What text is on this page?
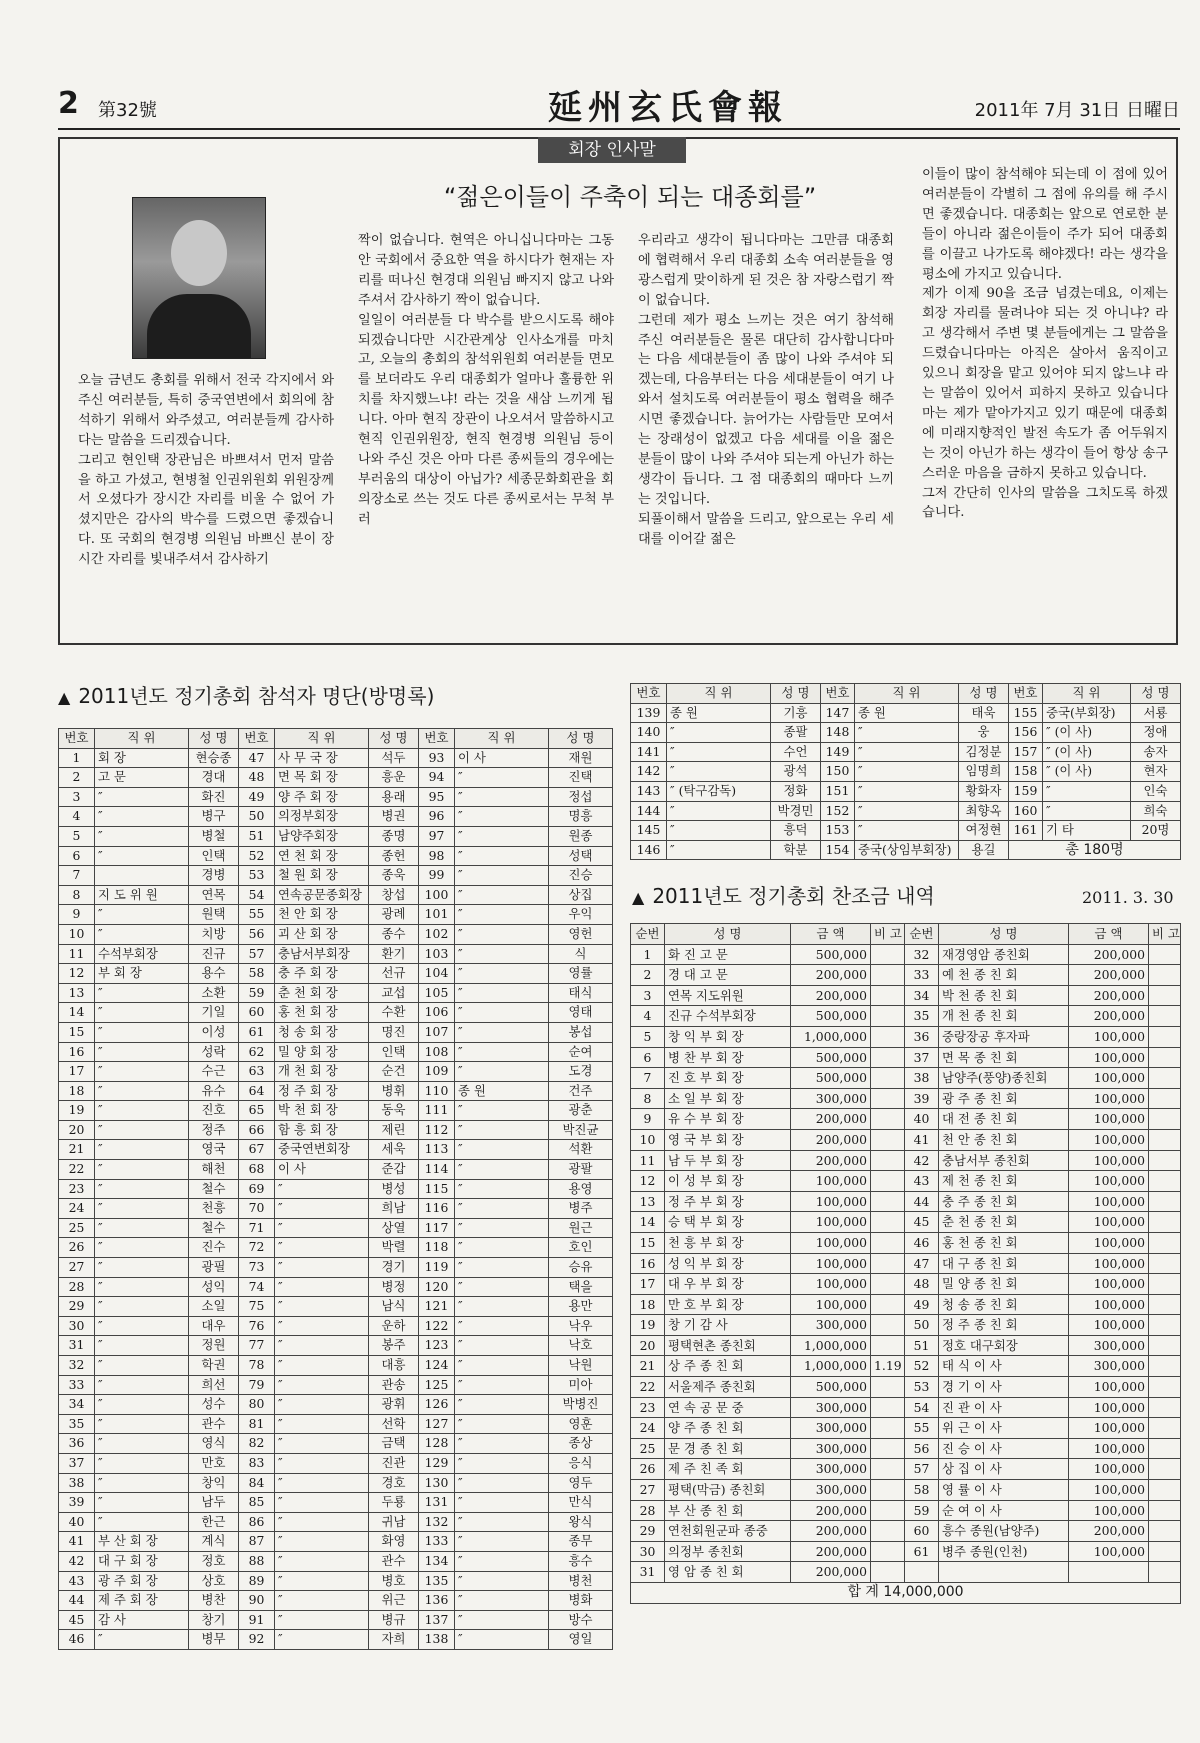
2 第32號	延州玄氏會報	2011年 7月 31日 日曜日
회장 인사말
“젊은이들이 주축이 되는 대종회를”
오늘 금년도 총회를 위해서 전국 각지에서 와주신 여러분들, 특히 중국연변에서 회의에 참석하기 위해서 와주셨고, 여러분들께 감사하다는 말씀을 드리겠습니다.
그리고 현인택 장관님은 바쁘셔서 먼저 말씀을 하고 가셨고, 현병철 인권위원회 위원장께서 오셨다가 장시간 자리를 비울 수 없어 가셨지만은 감사의 박수를 드렸으면 좋겠습니다. 또 국회의 현경병 의원님 바쁘신 분이 장시간 자리를 빛내주셔서 감사하기
짝이 없습니다. 현역은 아니십니다마는 그동안 국회에서 중요한 역을 하시다가 현재는 자리를 떠나신 현경대 의원님 빠지지 않고 나와 주셔서 감사하기 짝이 없습니다.
일일이 여러분들 다 박수를 받으시도록 해야 되겠습니다만 시간관계상 인사소개를 마치고, 오늘의 총회의 참석위원회 여러분들 면모를 보더라도 우리 대종회가 얼마나 훌륭한 위치를 차지했느냐! 라는 것을 새삼 느끼게 됩니다. 아마 현직 장관이 나오셔서 말씀하시고 현직 인권위원장, 현직 현경병 의원님 등이 나와 주신 것은 아마 다른 종씨들의 경우에는 부러움의 대상이 아닙가? 세종문화회관을 회의장소로 쓰는 것도 다른 종씨로서는 무척 부러
우리라고 생각이 됩니다마는 그만큼 대종회에 협력해서 우리 대종회 소속 여러분들을 영광스럽게 맞이하게 된 것은 참 자랑스럽기 짝이 없습니다.
그런데 제가 평소 느끼는 것은 여기 참석해 주신 여러분들은 물론 대단히 감사합니다마는 다음 세대분들이 좀 많이 나와 주셔야 되겠는데, 다음부터는 다음 세대분들이 여기 나와서 설치도록 여러분들이 평소 협력을 해주시면 좋겠습니다. 늙어가는 사람들만 모여서는 장래성이 없겠고 다음 세대를 이을 젊은 분들이 많이 나와 주셔야 되는게 아닌가 하는 생각이 듭니다. 그 점 대종회의 때마다 느끼는 것입니다.
되풀이해서 말씀을 드리고, 앞으로는 우리 세대를 이어갈 젊은
이들이 많이 참석해야 되는데 이 점에 있어 여러분들이 각별히 그 점에 유의를 해 주시면 좋겠습니다. 대종회는 앞으로 연로한 분들이 아니라 젊은이들이 주가 되어 대종회를 이끌고 나가도록 해야겠다! 라는 생각을 평소에 가지고 있습니다.
제가 이제 90을 조금 넘겼는데요, 이제는 회장 자리를 물려나야 되는 것 아니냐? 라고 생각해서 주변 몇 분들에게는 그 말씀을 드렸습니다마는 아직은 살아서 움직이고 있으니 회장을 맡고 있어야 되지 않느냐 라는 말씀이 있어서 피하지 못하고 있습니다마는 제가 맡아가지고 있기 때문에 대종회에 미래지향적인 발전 속도가 좀 어두워지는 것이 아닌가 하는 생각이 들어 항상 송구스러운 마음을 금하지 못하고 있습니다.
그저 간단히 인사의 말씀을 그치도록 하겠습니다.
▲ 2011년도 정기총회 참석자 명단(방명록)
번호	직 위	성 명	번호	직 위	성 명	번호	직 위	성 명
1	회 장	현승종	47	사 무 국 장	석두	93	이 사	재원
2	고 문	경대	48	면 목 회 장	흥운	94	″	진택
3	″	화진	49	양 주 회 장	용래	95	″	정섭
4	″	병구	50	의정부회장	병권	96	″	명흥
5	″	병철	51	남양주회장	종명	97	″	원종
6	″	인택	52	연 천 회 장	종헌	98	″	성택
7		경병	53	철 원 회 장	종욱	99	″	진승
8	지 도 위 원	연목	54	연속공문종회장	창섭	100	″	상집
9	″	원택	55	천 안 회 장	광례	101	″	우익
10	″	치방	56	괴 산 회 장	종수	102	″	영헌
11	수석부회장	진규	57	충남서부회장	환기	103	″	식
12	부 회 장	용수	58	충 주 회 장	선규	104	″	영률
13	″	소환	59	춘 천 회 장	교섭	105	″	태식
14	″	기일	60	홍 천 회 장	수환	106	″	영태
15	″	이성	61	청 송 회 장	명진	107	″	봉섭
16	″	성락	62	밀 양 회 장	인택	108	″	순여
17	″	수근	63	개 천 회 장	순건	109	″	도경
18	″	유수	64	정 주 회 장	병휘	110	종 원	건주
19	″	진호	65	박 천 회 장	동욱	111	″	광춘
20	″	정주	66	함 흥 회 장	제린	112	″	박진균
21	″	영국	67	중국연변회장	세욱	113	″	석환
22	″	해천	68	이 사	준갑	114	″	광팔
23	″	철수	69	″	병성	115	″	용영
24	″	천흥	70	″	희남	116	″	병주
25	″	철수	71	″	상열	117	″	원근
26	″	진수	72	″	박렬	118	″	호인
27	″	광필	73	″	경기	119	″	승유
28	″	성익	74	″	병정	120	″	택을
29	″	소일	75	″	남식	121	″	용만
30	″	대우	76	″	운하	122	″	낙우
31	″	정원	77	″	봉주	123	″	낙호
32	″	학권	78	″	대흥	124	″	낙원
33	″	희선	79	″	관송	125	″	미아
34	″	성수	80	″	광휘	126	″	박병진
35	″	관수	81	″	선학	127	″	영훈
36	″	영식	82	″	금택	128	″	종상
37	″	만호	83	″	진관	129	″	응식
38	″	창익	84	″	경호	130	″	영두
39	″	남두	85	″	두룡	131	″	만식
40	″	한근	86	″	귀남	132	″	왕식
41	부 산 회 장	계식	87	″	화영	133	″	종무
42	대 구 회 장	정호	88	″	관수	134	″	흥수
43	광 주 회 장	상호	89	″	병호	135	″	병천
44	제 주 회 장	병찬	90	″	위근	136	″	병화
45	감 사	창기	91	″	병규	137	″	방수
46	″	병무	92	″	자희	138	″	영일
번호	직 위	성 명	번호	직 위	성 명	번호	직 위	성 명
139	종 원	기흥	147	종 원	태욱	155	중국(부회장)	서룡
140	″	종팔	148	″	웅	156	″ (이 사)	정애
141	″	수언	149	″	김정분	157	″ (이 사)	송자
142	″	광석	150	″	임명희	158	″ (이 사)	현자
143	″ (탁구감독)	정화	151	″	황화자	159	″	인숙
144	″	박경민	152	″	최향옥	160	″	희숙
145	″	흥덕	153	″	여정현	161	기 타	20명
146	″	학분	154	중국(상임부회장)	용길	총 180명		
▲ 2011년도 정기총회 찬조금 내역	2011. 3. 30
순번	성 명	금 액	비 고	순번	성 명	금 액	비 고
1	화 진 고 문	500,000		32	재경영암 종친회	200,000	
2	경 대 고 문	200,000		33	예 천 종 친 회	200,000	
3	연목 지도위원	200,000		34	박 천 종 친 회	200,000	
4	진규 수석부회장	500,000		35	개 천 종 친 회	200,000	
5	창 익 부 회 장	1,000,000		36	중랑장공 후자파	100,000	
6	병 찬 부 회 장	500,000		37	면 목 종 친 회	100,000	
7	진 호 부 회 장	500,000		38	남양주(풍양)종친회	100,000	
8	소 일 부 회 장	300,000		39	광 주 종 친 회	100,000	
9	유 수 부 회 장	200,000		40	대 전 종 친 회	100,000	
10	영 국 부 회 장	200,000		41	천 안 종 친 회	100,000	
11	남 두 부 회 장	200,000		42	충남서부 종친회	100,000	
12	이 성 부 회 장	100,000		43	제 천 종 친 회	100,000	
13	정 주 부 회 장	100,000		44	충 주 종 친 회	100,000	
14	승 택 부 회 장	100,000		45	춘 천 종 친 회	100,000	
15	천 흥 부 회 장	100,000		46	홍 천 종 친 회	100,000	
16	성 익 부 회 장	100,000		47	대 구 종 친 회	100,000	
17	대 우 부 회 장	100,000		48	밀 양 종 친 회	100,000	
18	만 호 부 회 장	100,000		49	청 송 종 친 회	100,000	
19	창 기 감 사	300,000		50	정 주 종 친 회	100,000	
20	평택현촌 종친회	1,000,000		51	정호 대구회장	300,000	
21	상 주 종 친 회	1,000,000	1.19	52	태 식 이 사	300,000	
22	서울제주 종친회	500,000		53	경 기 이 사	100,000	
23	연 속 공 문 중	300,000		54	진 관 이 사	100,000	
24	양 주 종 친 회	300,000		55	위 근 이 사	100,000	
25	문 경 종 친 회	300,000		56	진 승 이 사	100,000	
26	제 주 친 족 회	300,000		57	상 집 이 사	100,000	
27	평택(막금) 종친회	300,000		58	영 률 이 사	100,000	
28	부 산 종 친 회	200,000		59	순 여 이 사	100,000	
29	연천회원군파 종중	200,000		60	흥수 종원(남양주)	200,000	
30	의정부 종친회	200,000		61	병주 종원(인천)	100,000	
31	영 암 종 친 회	200,000					
합 계 14,000,000							
